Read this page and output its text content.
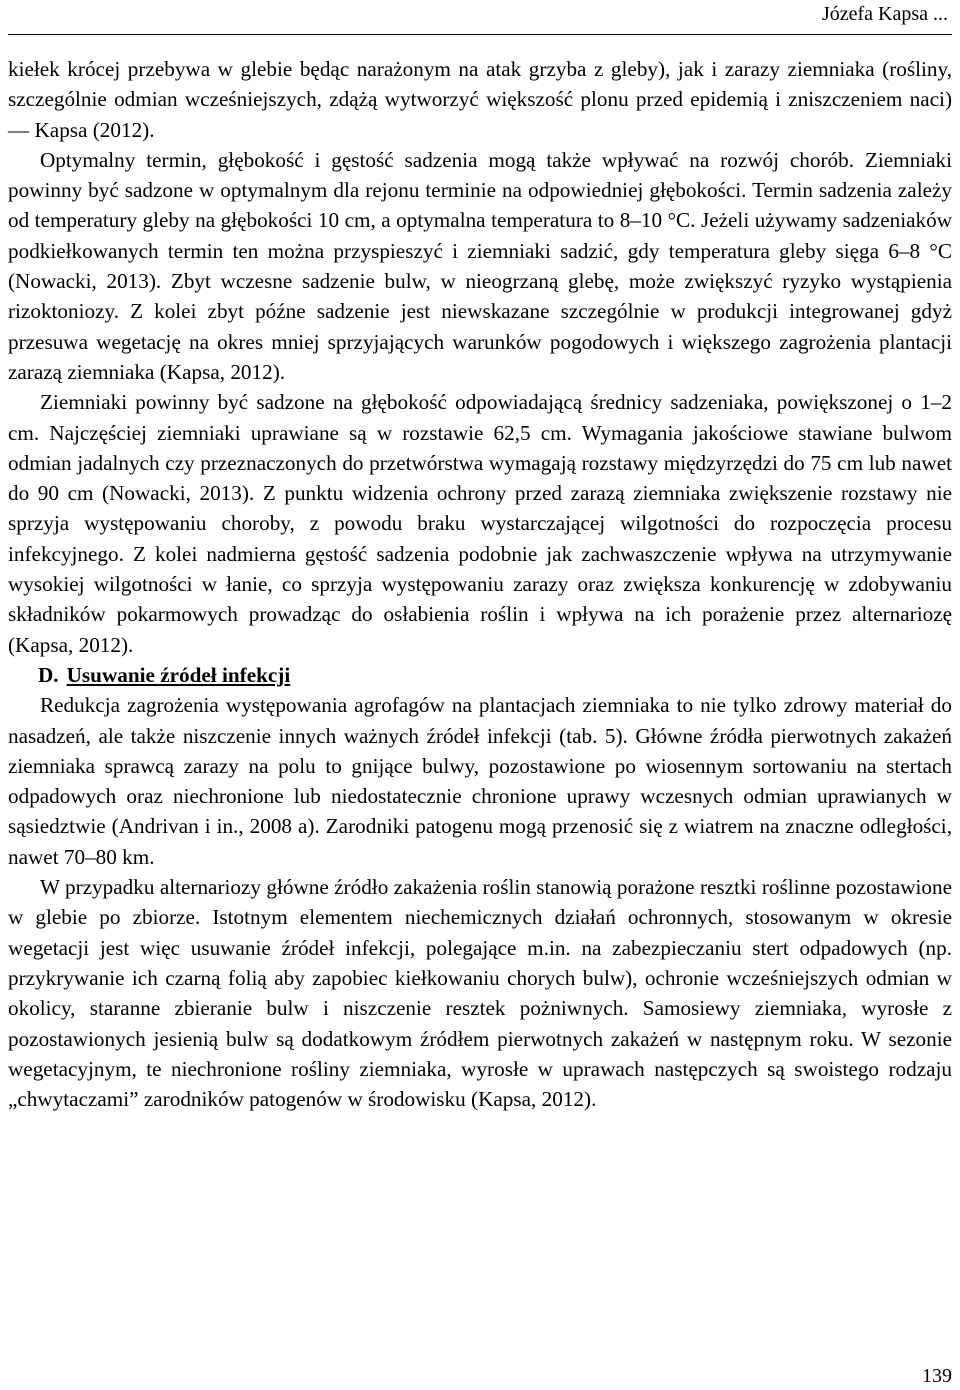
Józefa Kapsa ...

kiełek krócej przebywa w glebie będąc narażonym na atak grzyba z gleby), jak i zarazy ziemniaka (rośliny, szczególnie odmian wcześniejszych, zdążą wytworzyć większość plonu przed epidemią i zniszczeniem naci) — Kapsa (2012).

Optymalny termin, głębokość i gęstość sadzenia mogą także wpływać na rozwój chorób. Ziemniaki powinny być sadzone w optymalnym dla rejonu terminie na odpowiedniej głębokości. Termin sadzenia zależy od temperatury gleby na głębokości 10 cm, a optymalna temperatura to 8–10 °C. Jeżeli używamy sadzeniaków podkiełkowanych termin ten można przyspieszyć i ziemniaki sadzić, gdy temperatura gleby sięga 6–8 °C (Nowacki, 2013). Zbyt wczesne sadzenie bulw, w nieogrzaną glebę, może zwiększyć ryzyko wystąpienia rizoktoniozy. Z kolei zbyt późne sadzenie jest niewskazane szczególnie w produkcji integrowanej gdyż przesuwa wegetację na okres mniej sprzyjających warunków pogodowych i większego zagrożenia plantacji zarazą ziemniaka (Kapsa, 2012).

Ziemniaki powinny być sadzone na głębokość odpowiadającą średnicy sadzeniaka, powiększonej o 1–2 cm. Najczęściej ziemniaki uprawiane są w rozstawie 62,5 cm. Wymagania jakościowe stawiane bulwom odmian jadalnych czy przeznaczonych do przetwórstwa wymagają rozstawy międzyrzędzi do 75 cm lub nawet do 90 cm (Nowacki, 2013). Z punktu widzenia ochrony przed zarazą ziemniaka zwiększenie rozstawy nie sprzyja występowaniu choroby, z powodu braku wystarczającej wilgotności do rozpoczęcia procesu infekcyjnego. Z kolei nadmierna gęstość sadzenia podobnie jak zachwaszczenie wpływa na utrzymywanie wysokiej wilgotności w łanie, co sprzyja występowaniu zarazy oraz zwiększa konkurencję w zdobywaniu składników pokarmowych prowadząc do osłabienia roślin i wpływa na ich porażenie przez alternariozę (Kapsa, 2012).

D. Usuwanie źródeł infekcji

Redukcja zagrożenia występowania agrofagów na plantacjach ziemniaka to nie tylko zdrowy materiał do nasadzeń, ale także niszczenie innych ważnych źródeł infekcji (tab. 5). Główne źródła pierwotnych zakażeń ziemniaka sprawcą zarazy na polu to gnijące bulwy, pozostawione po wiosennym sortowaniu na stertach odpadowych oraz niechronione lub niedostatecznie chronione uprawy wczesnych odmian uprawianych w sąsiedztwie (Andrivan i in., 2008 a). Zarodniki patogenu mogą przenosić się z wiatrem na znaczne odległości, nawet 70–80 km.

W przypadku alternariozy główne źródło zakażenia roślin stanowią porażone resztki roślinne pozostawione w glebie po zbiorze. Istotnym elementem niechemicznych działań ochronnych, stosowanym w okresie wegetacji jest więc usuwanie źródeł infekcji, polegające m.in. na zabezpieczaniu stert odpadowych (np. przykrywanie ich czarną folią aby zapobiec kiełkowaniu chorych bulw), ochronie wcześniejszych odmian w okolicy, staranne zbieranie bulw i niszczenie resztek pożniwnych. Samosiewy ziemniaka, wyrosłe z pozostawionych jesienią bulw są dodatkowym źródłem pierwotnych zakażeń w następnym roku. W sezonie wegetacyjnym, te niechronione rośliny ziemniaka, wyrosłe w uprawach następczych są swoistego rodzaju „chwytaczami” zarodników patogenów w środowisku (Kapsa, 2012).

139
